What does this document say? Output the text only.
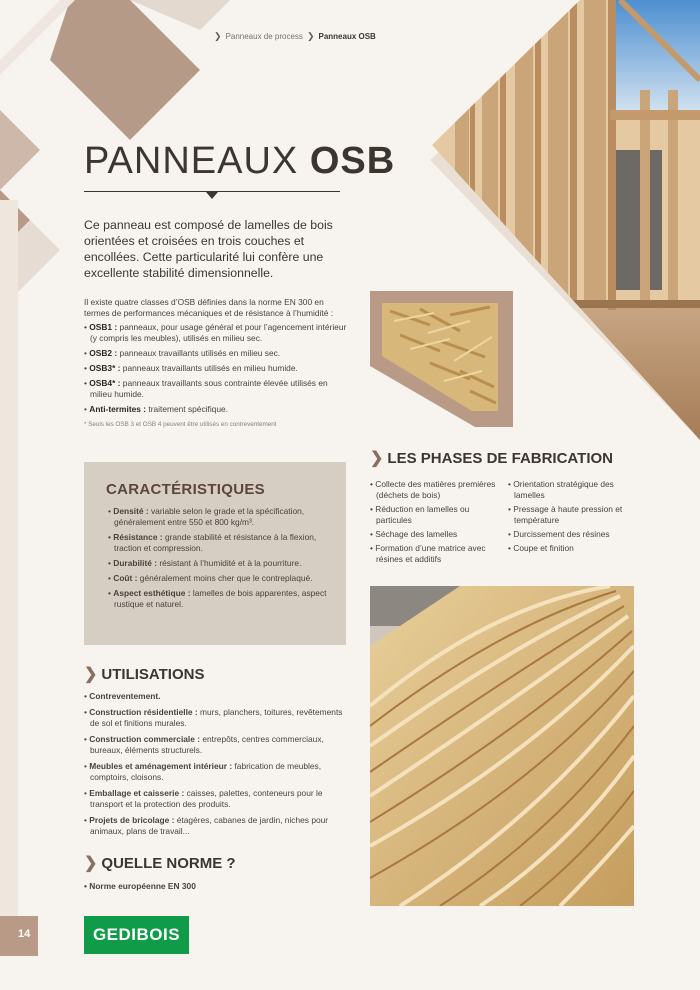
❯ Panneaux de process ❯ Panneaux OSB
PANNEAUX OSB
Ce panneau est composé de lamelles de bois orientées et croisées en trois couches et encollées. Cette particularité lui confère une excellente stabilité dimensionnelle.

Il existe quatre classes d’OSB définies dans la norme EN 300 en termes de performances mécaniques et de résistance à l’humidité :

• OSB1 : panneaux, pour usage général et pour l’agencement intérieur (y compris les meubles), utilisés en milieu sec.

• OSB2 : panneaux travaillants utilisés en milieu sec.

• OSB3* : panneaux travaillants utilisés en milieu humide.

• OSB4* : panneaux travaillants sous contrainte élevée utilisés en milieu humide.

• Anti-termites : traitement spécifique.

* Seuls les OSB 3 et OSB 4 peuvent être utilisés en contreventement
CARACTÉRISTIQUES

• Densité : variable selon le grade et la spécification, généralement entre 550 et 800 kg/m³.

• Résistance : grande stabilité et résistance à la flexion, traction et compression.

• Durabilité : résistant à l’humidité et à la pourriture.

• Coût : généralement moins cher que le contreplaqué.

• Aspect esthétique : lamelles de bois apparentes, aspect rustique et naturel.

❯ UTILISATIONS

• Contreventement.

• Construction résidentielle : murs, planchers, toitures, revêtements de sol et finitions murales.

• Construction commerciale : entrepôts, centres commerciaux, bureaux, éléments structurels.

• Meubles et aménagement intérieur : fabrication de meubles, comptoirs, cloisons.

• Emballage et caisserie : caisses, palettes, conteneurs pour le transport et la protection des produits.

• Projets de bricolage : étagères, cabanes de jardin, niches pour animaux, plans de travail...

❯ QUELLE NORME ?
• Norme européenne EN 300
❯ LES PHASES DE FABRICATION

• Collecte des matières premières (déchets de bois)

• Réduction en lamelles ou particules

• Séchage des lamelles

• Formation d’une matrice avec résines et additifs

• Orientation stratégique des lamelles

• Pressage à haute pression et température

• Durcissement des résines

• Coupe et finition

14	GEDIBOIS
